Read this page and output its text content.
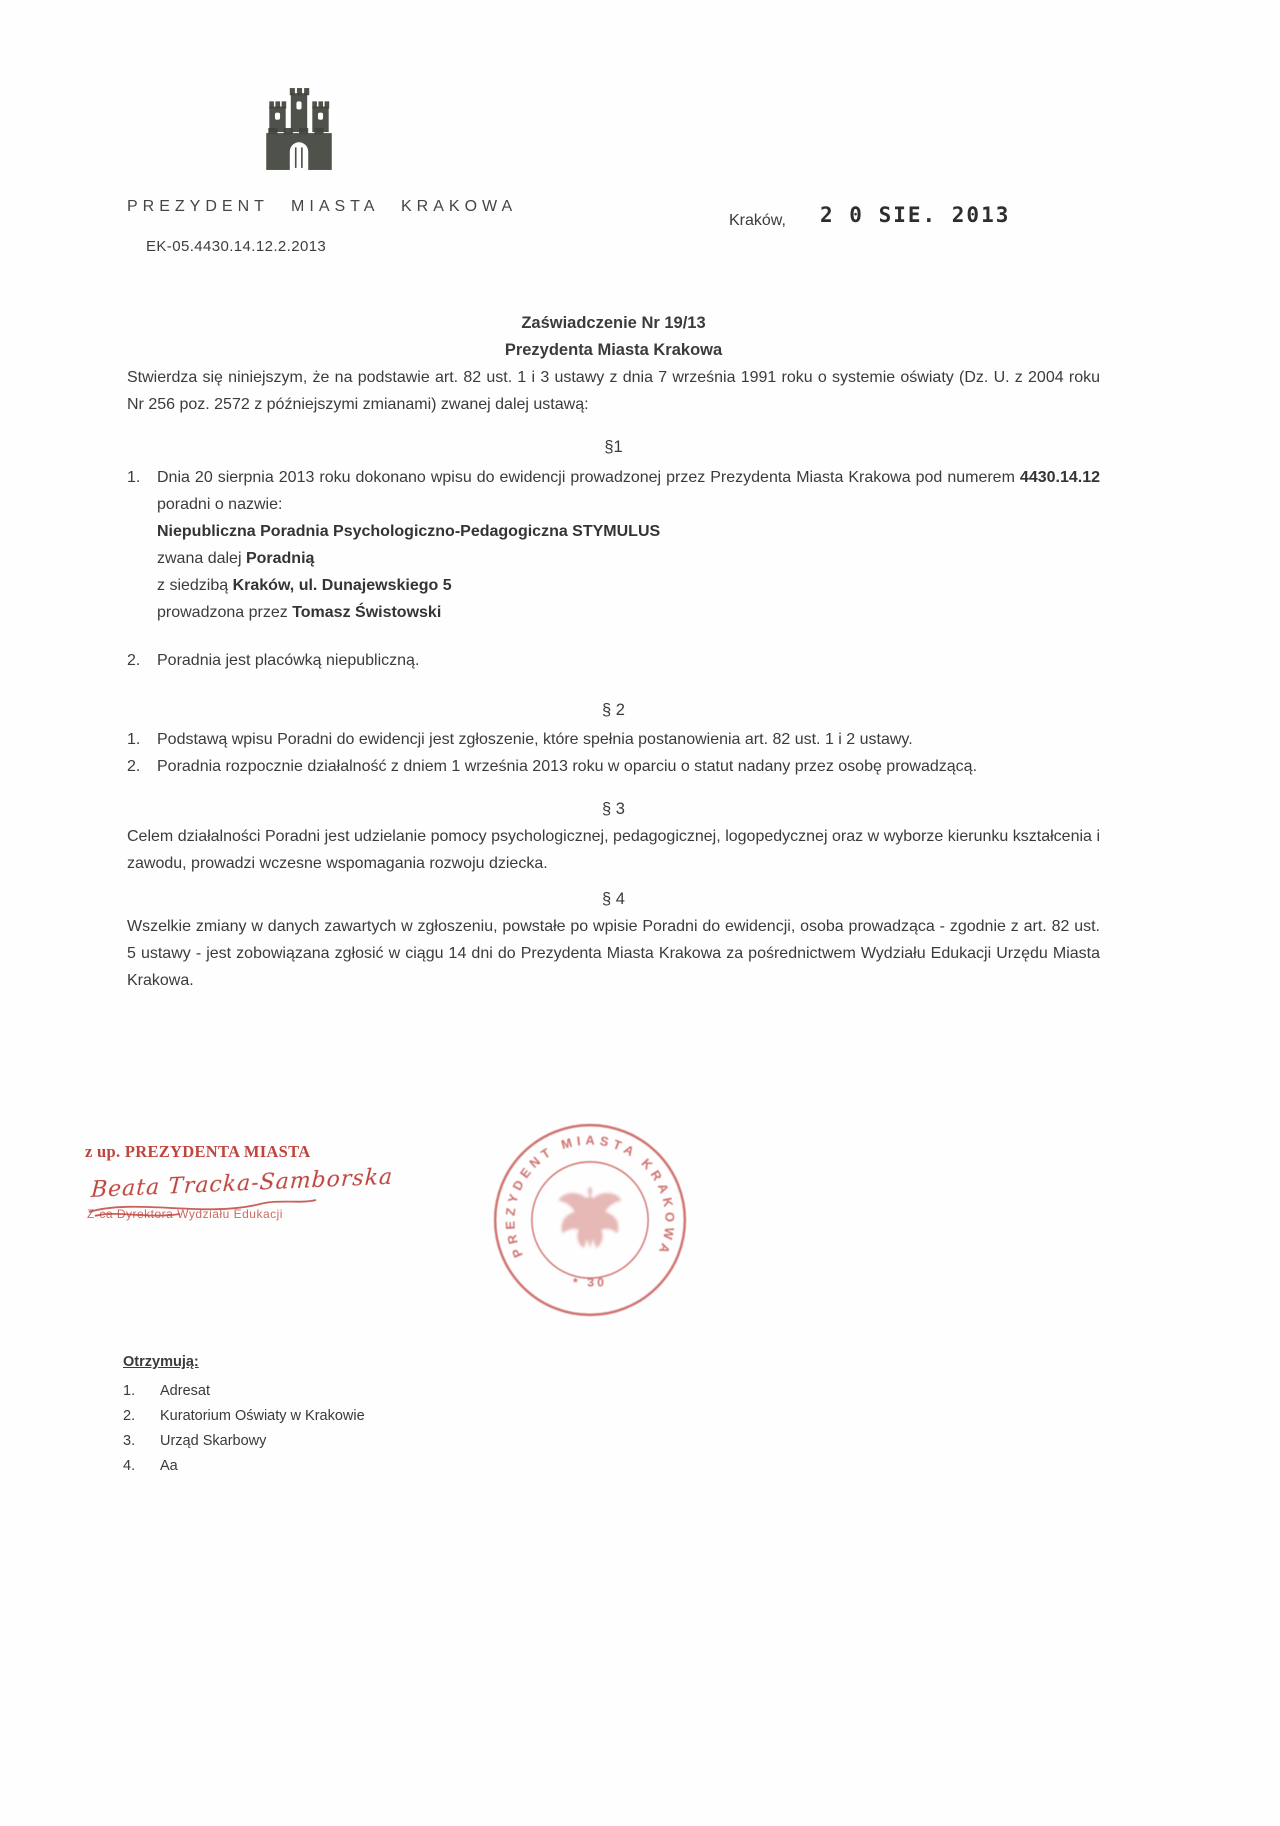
PREZYDENT MIASTA KRAKOWA
EK-05.4430.14.12.2.2013
Kraków, 2 0 SIE. 2013
Zaświadczenie Nr 19/13
Prezydenta Miasta Krakowa

Stwierdza się niniejszym, że na podstawie art. 82 ust. 1 i 3 ustawy z dnia 7 września 1991 roku o systemie oświaty (Dz. U. z 2004 roku Nr 256 poz. 2572 z późniejszymi zmianami) zwanej dalej ustawą:

§1
1.	Dnia 20 sierpnia 2013 roku dokonano wpisu do ewidencji prowadzonej przez Prezydenta Miasta Krakowa pod numerem 4430.14.12 poradni o nazwie:
Niepubliczna Poradnia Psychologiczno-Pedagogiczna STYMULUS
zwana dalej Poradnią
z siedzibą Kraków, ul. Dunajewskiego 5
prowadzona przez Tomasz Świstowski
2.	Poradnia jest placówką niepubliczną.
§ 2
1.	Podstawą wpisu Poradni do ewidencji jest zgłoszenie, które spełnia postanowienia art. 82 ust. 1 i 2 ustawy.
2.	Poradnia rozpocznie działalność z dniem 1 września 2013 roku w oparciu o statut nadany przez osobę prowadzącą.
§ 3

Celem działalności Poradni jest udzielanie pomocy psychologicznej, pedagogicznej, logopedycznej oraz w wyborze kierunku kształcenia i zawodu, prowadzi wczesne wspomagania rozwoju dziecka.

§ 4

Wszelkie zmiany w danych zawartych w zgłoszeniu, powstałe po wpisie Poradni do ewidencji, osoba prowadząca - zgodnie z art. 82 ust. 5 ustawy - jest zobowiązana zgłosić w ciągu 14 dni do Prezydenta Miasta Krakowa za pośrednictwem Wydziału Edukacji Urzędu Miasta Krakowa.

z up. PREZYDENTA MIASTA
Beata Tracka-Samborska
Z-ca Dyrektora Wydziału Edukacji
PREZYDENT MIASTA KRAKOWA
* 30
Otrzymują:
1.	Adresat
2.	Kuratorium Oświaty w Krakowie
3.	Urząd Skarbowy
4.	Aa
